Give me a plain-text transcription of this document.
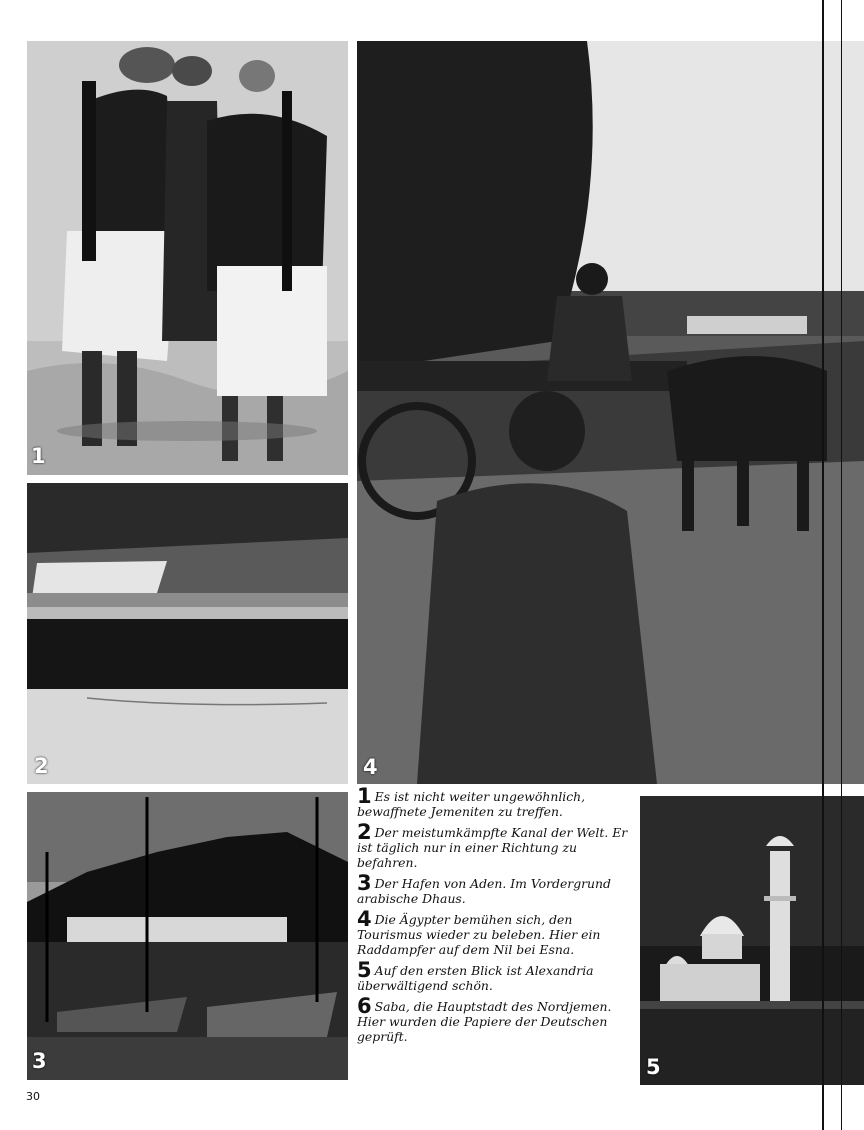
1
2	4
3

1 Es ist nicht weiter ungewöhnlich, bewaffnete Jemeniten zu treffen.

2 Der meistumkämpfte Kanal der Welt. Er ist täglich nur in einer Richtung zu befahren.

3 Der Hafen von Aden. Im Vordergrund arabische Dhaus.

4 Die Ägypter bemühen sich, den Tourismus wieder zu beleben. Hier ein Raddampfer auf dem Nil bei Esna.

5 Auf den ersten Blick ist Alexandria überwältigend schön.

6 Saba, die Hauptstadt des Nordjemen. Hier wurden die Papiere der Deutschen geprüft.

5
30
